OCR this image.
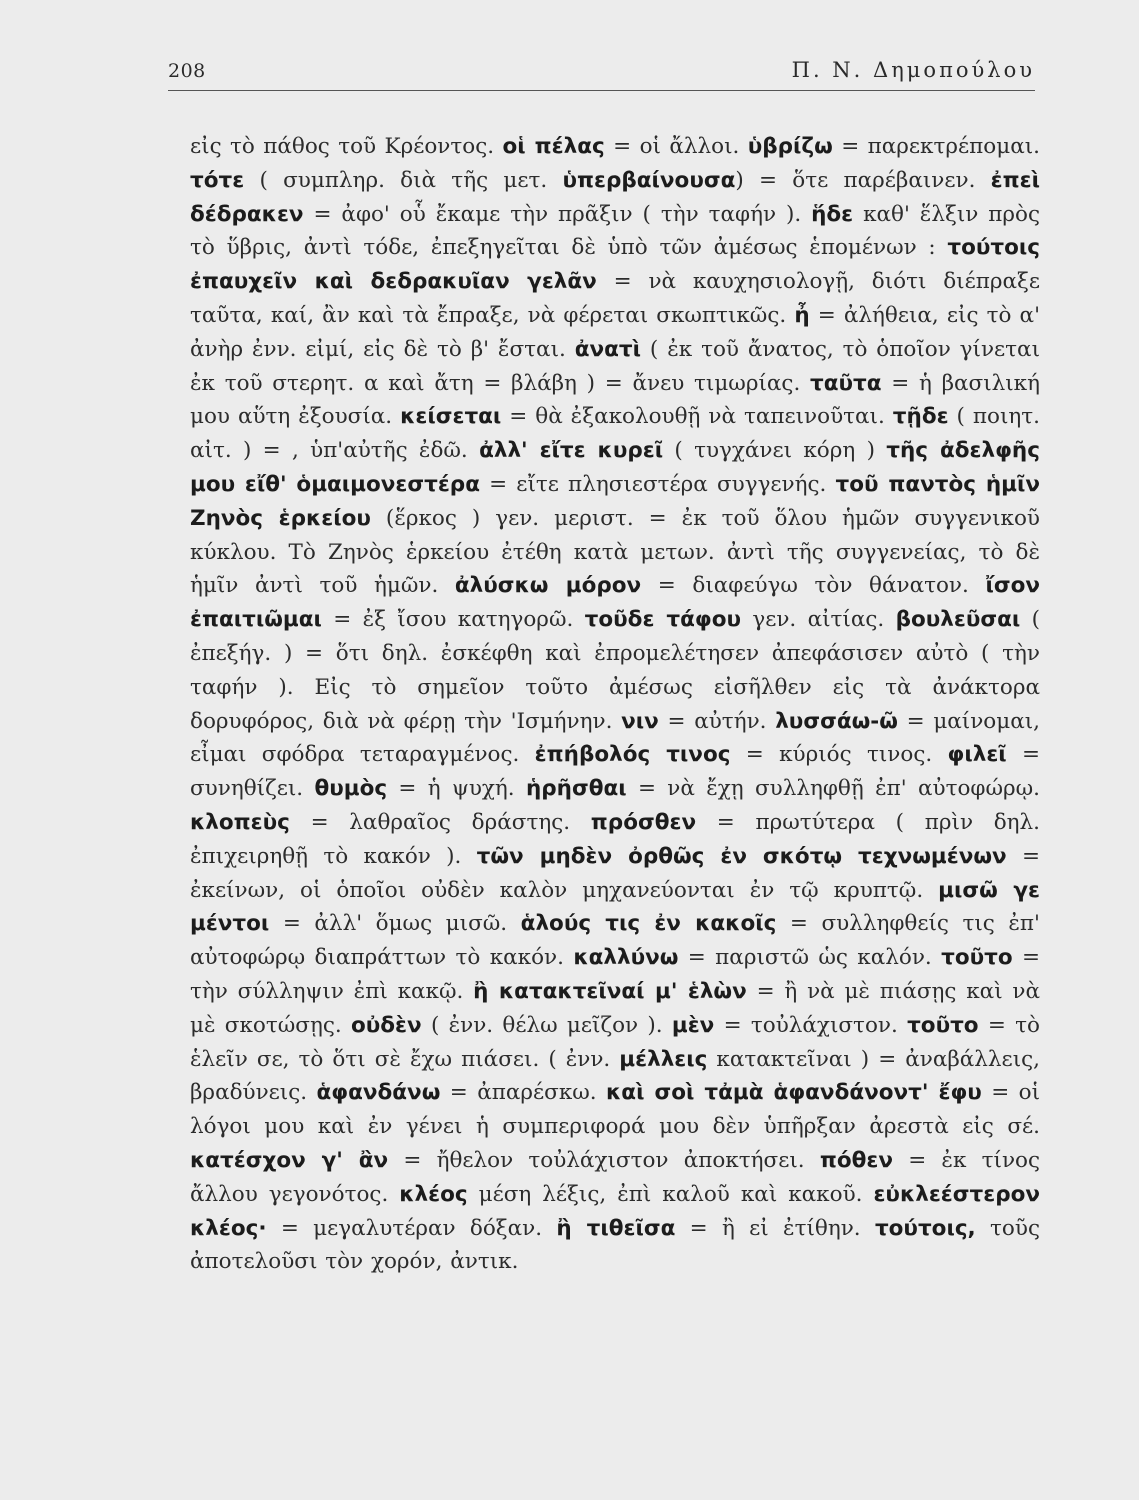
208	Π. Ν. Δημοπούλου

εἰς τὸ πάθος τοῦ Κρέοντος. οἱ πέλας = οἱ ἄλλοι. ὑβρίζω = παρεκτρέπομαι. τότε ( συμπληρ. διὰ τῆς μετ. ὑπερβαίνουσα) = ὅτε παρέβαινεν. ἐπεὶ δέδρακεν = ἀφο' οὗ ἔκαμε τὴν πρᾶξιν ( τὴν ταφήν ). ἥδε καθ' ἕλξιν πρὸς τὸ ὕβρις, ἀντὶ τόδε, ἐπεξηγεῖται δὲ ὑπὸ τῶν ἀμέσως ἑπομένων : τούτοις ἐπαυχεῖν καὶ δεδρακυῖαν γελᾶν = νὰ καυχησιολογῇ, διότι διέπραξε ταῦτα, καί, ἂν καὶ τὰ ἔπραξε, νὰ φέρεται σκωπτικῶς. ἦ = ἀλήθεια, εἰς τὸ α' ἀνὴρ ἐνν. εἰμί, εἰς δὲ τὸ β' ἔσται. ἀνατὶ ( ἐκ τοῦ ἄνατος, τὸ ὁποῖον γίνεται ἐκ τοῦ στερητ. α καὶ ἄτη = βλάβη ) = ἄνευ τιμωρίας. ταῦτα = ἡ βασιλική μου αὕτη ἐξουσία. κείσεται = θὰ ἐξακολουθῇ νὰ ταπεινοῦται. τῇδε ( ποιητ. αἰτ. ) = , ὑπ'αὐτῆς ἐδῶ. ἀλλ' εἴτε κυρεῖ ( τυγχάνει κόρη ) τῆς ἀδελφῆς μου εἴθ' ὁμαιμονεστέρα = εἴτε πλησιεστέρα συγγενής. τοῦ παντὸς ἡμῖν Ζηνὸς ἑρκείου (ἕρκος ) γεν. μεριστ. = ἐκ τοῦ ὅλου ἡμῶν συγγενικοῦ κύκλου. Τὸ Ζηνὸς ἑρκείου ἐτέθη κατὰ μετων. ἀντὶ τῆς συγγενείας, τὸ δὲ ἡμῖν ἀντὶ τοῦ ἡμῶν. ἀλύσκω μόρον = διαφεύγω τὸν θάνατον. ἴσον ἐπαιτιῶμαι = ἐξ ἴσου κατηγορῶ. τοῦδε τάφου γεν. αἰτίας. βουλεῦσαι ( ἐπεξήγ. ) = ὅτι δηλ. ἐσκέφθη καὶ ἐπρομελέτησεν ἀπεφάσισεν αὐτὸ ( τὴν ταφήν ). Εἰς τὸ σημεῖον τοῦτο ἀμέσως εἰσῆλθεν εἰς τὰ ἀνάκτορα δορυφόρος, διὰ νὰ φέρῃ τὴν 'Ισμήνην. νιν = αὐτήν. λυσσάω-ῶ = μαίνομαι, εἶμαι σφόδρα τεταραγμένος. ἐπήβολός τινος = κύριός τινος. φιλεῖ = συνηθίζει. θυμὸς = ἡ ψυχή. ἡρῆσθαι = νὰ ἔχῃ συλληφθῇ ἐπ' αὐτοφώρῳ. κλοπεὺς = λαθραῖος δράστης. πρόσθεν = πρωτύτερα ( πρὶν δηλ. ἐπιχειρηθῇ τὸ κακόν ). τῶν μηδὲν ὀρθῶς ἐν σκότῳ τεχνωμένων = ἐκείνων, οἱ ὁποῖοι οὐδὲν καλὸν μηχανεύονται ἐν τῷ κρυπτῷ. μισῶ γε μέντοι = ἀλλ' ὅμως μισῶ. ἁλούς τις ἐν κακοῖς = συλληφθείς τις ἐπ' αὐτοφώρῳ διαπράττων τὸ κακόν. καλλύνω = παριστῶ ὡς καλόν. τοῦτο = τὴν σύλληψιν ἐπὶ κακῷ. ἢ κατακτεῖναί μ' ἑλὼν = ἢ νὰ μὲ πιάσῃς καὶ νὰ μὲ σκοτώσῃς. οὐδὲν ( ἐνν. θέλω μεῖζον ). μὲν = τοὐλάχιστον. τοῦτο = τὸ ἑλεῖν σε, τὸ ὅτι σὲ ἔχω πιάσει. ( ἐνν. μέλλεις κατακτεῖναι ) = ἀναβάλλεις, βραδύνεις. ἁφανδάνω = ἀπαρέσκω. καὶ σοὶ τἀμὰ ἁφανδάνοντ' ἔφυ = οἱ λόγοι μου καὶ ἐν γένει ἡ συμπεριφορά μου δὲν ὑπῆρξαν ἀρεστὰ εἰς σέ. κατέσχον γ' ἂν = ἤθελον τοὐλάχιστον ἀποκτήσει. πόθεν = ἐκ τίνος ἄλλου γεγονότος. κλέος μέση λέξις, ἐπὶ καλοῦ καὶ κακοῦ. εὐκλεέστερον κλέος· = μεγαλυτέραν δόξαν. ἢ τιθεῖσα = ἢ εἰ ἐτίθην. τούτοις, τοῦς ἀποτελοῦσι τὸν χορόν, ἀντικ.
